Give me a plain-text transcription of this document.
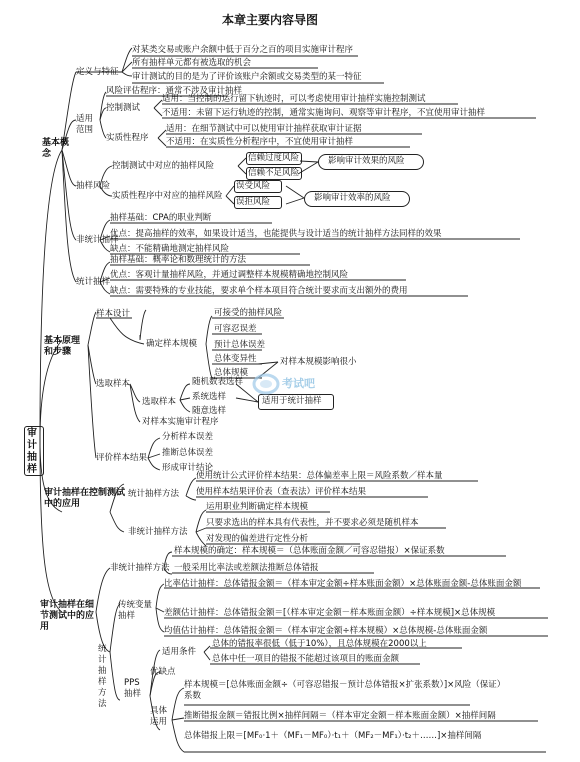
本章主要内容导图
审计抽样
基本概念
定义与特征
对某类交易或账户余额中低于百分之百的项目实施审计程序
所有抽样单元都有被选取的机会
审计测试的目的是为了评价该账户余额或交易类型的某一特征
适用范围
风险评估程序：通常不涉及审计抽样
控制测试
适用：当控制的运行留下轨迹时，可以考虑使用审计抽样实施控制测试
不适用：未留下运行轨迹的控制，通常实施询问、观察等审计程序，不宜使用审计抽样
实质性程序
适用：在细节测试中可以使用审计抽样获取审计证据
不适用：在实质性分析程序中，不宜使用审计抽样
抽样风险
控制测试中对应的抽样风险
实质性程序中对应的抽样风险
信赖过度风险
信赖不足风险
误受风险
误拒风险
影响审计效果的风险
影响审计效率的风险
非统计抽样
抽样基础：CPA的职业判断
优点：提高抽样的效率，如果设计适当，也能提供与设计适当的统计抽样方法同样的效果
缺点：不能精确地测定抽样风险
统计抽样
抽样基础：概率论和数理统计的方法
优点：客观计量抽样风险，并通过调整样本规模精确地控制风险
缺点：需要特殊的专业技能，要求单个样本项目符合统计要求而支出额外的费用
基本原理和步骤
样本设计
选取样本
评价样本结果
确定样本规模
可接受的抽样风险
可容忍误差
预计总体误差
总体变异性
总体规模
对样本规模影响很小
选取样本
随机数表选样
系统选样
随意选样
适用于统计抽样
对样本实施审计程序
分析样本误差
推断总体误差
形成审计结论
审计抽样在控制测试中的应用
统计抽样方法
使用统计公式评价样本结果：总体偏差率上限＝风险系数／样本量
使用样本结果评价表（查表法）评价样本结果
非统计抽样方法
运用职业判断确定样本规模
只要求选出的样本具有代表性，并不要求必须是随机样本
对发现的偏差进行定性分析
审计抽样在细节测试中的应用
非统计抽样方法
样本规模的确定：样本规模＝（总体账面金额／可容忍错报）×保证系数
一般采用比率法或差额法推断总体错报
统计抽样方法
传统变量抽样
比率估计抽样：总体错报金额＝（样本审定金额÷样本账面金额）×总体账面金额-总体账面金额
差额估计抽样：总体错报金额＝[（样本审定金额－样本账面金额）÷样本规模]×总体规模
均值估计抽样：总体错报金额＝（样本审定金额÷样本规模）×总体规模-总体账面金额
PPS抽样
适用条件
总体的错报率很低（低于10%），且总体规模在2000以上
总体中任一项目的错报不能超过该项目的账面金额
优缺点
具体运用
样本规模＝[总体账面金额÷（可容忍错报－预计总体错报×扩张系数）]×风险（保证）系数
推断错报金额＝错报比例×抽样间隔＝（样本审定金额－样本账面金额）×抽样间隔
总体错报上限＝[MF₀·1＋（MF₁－MF₀）·t₁＋（MF₂－MF₁）·t₂＋……]×抽样间隔
考试吧
